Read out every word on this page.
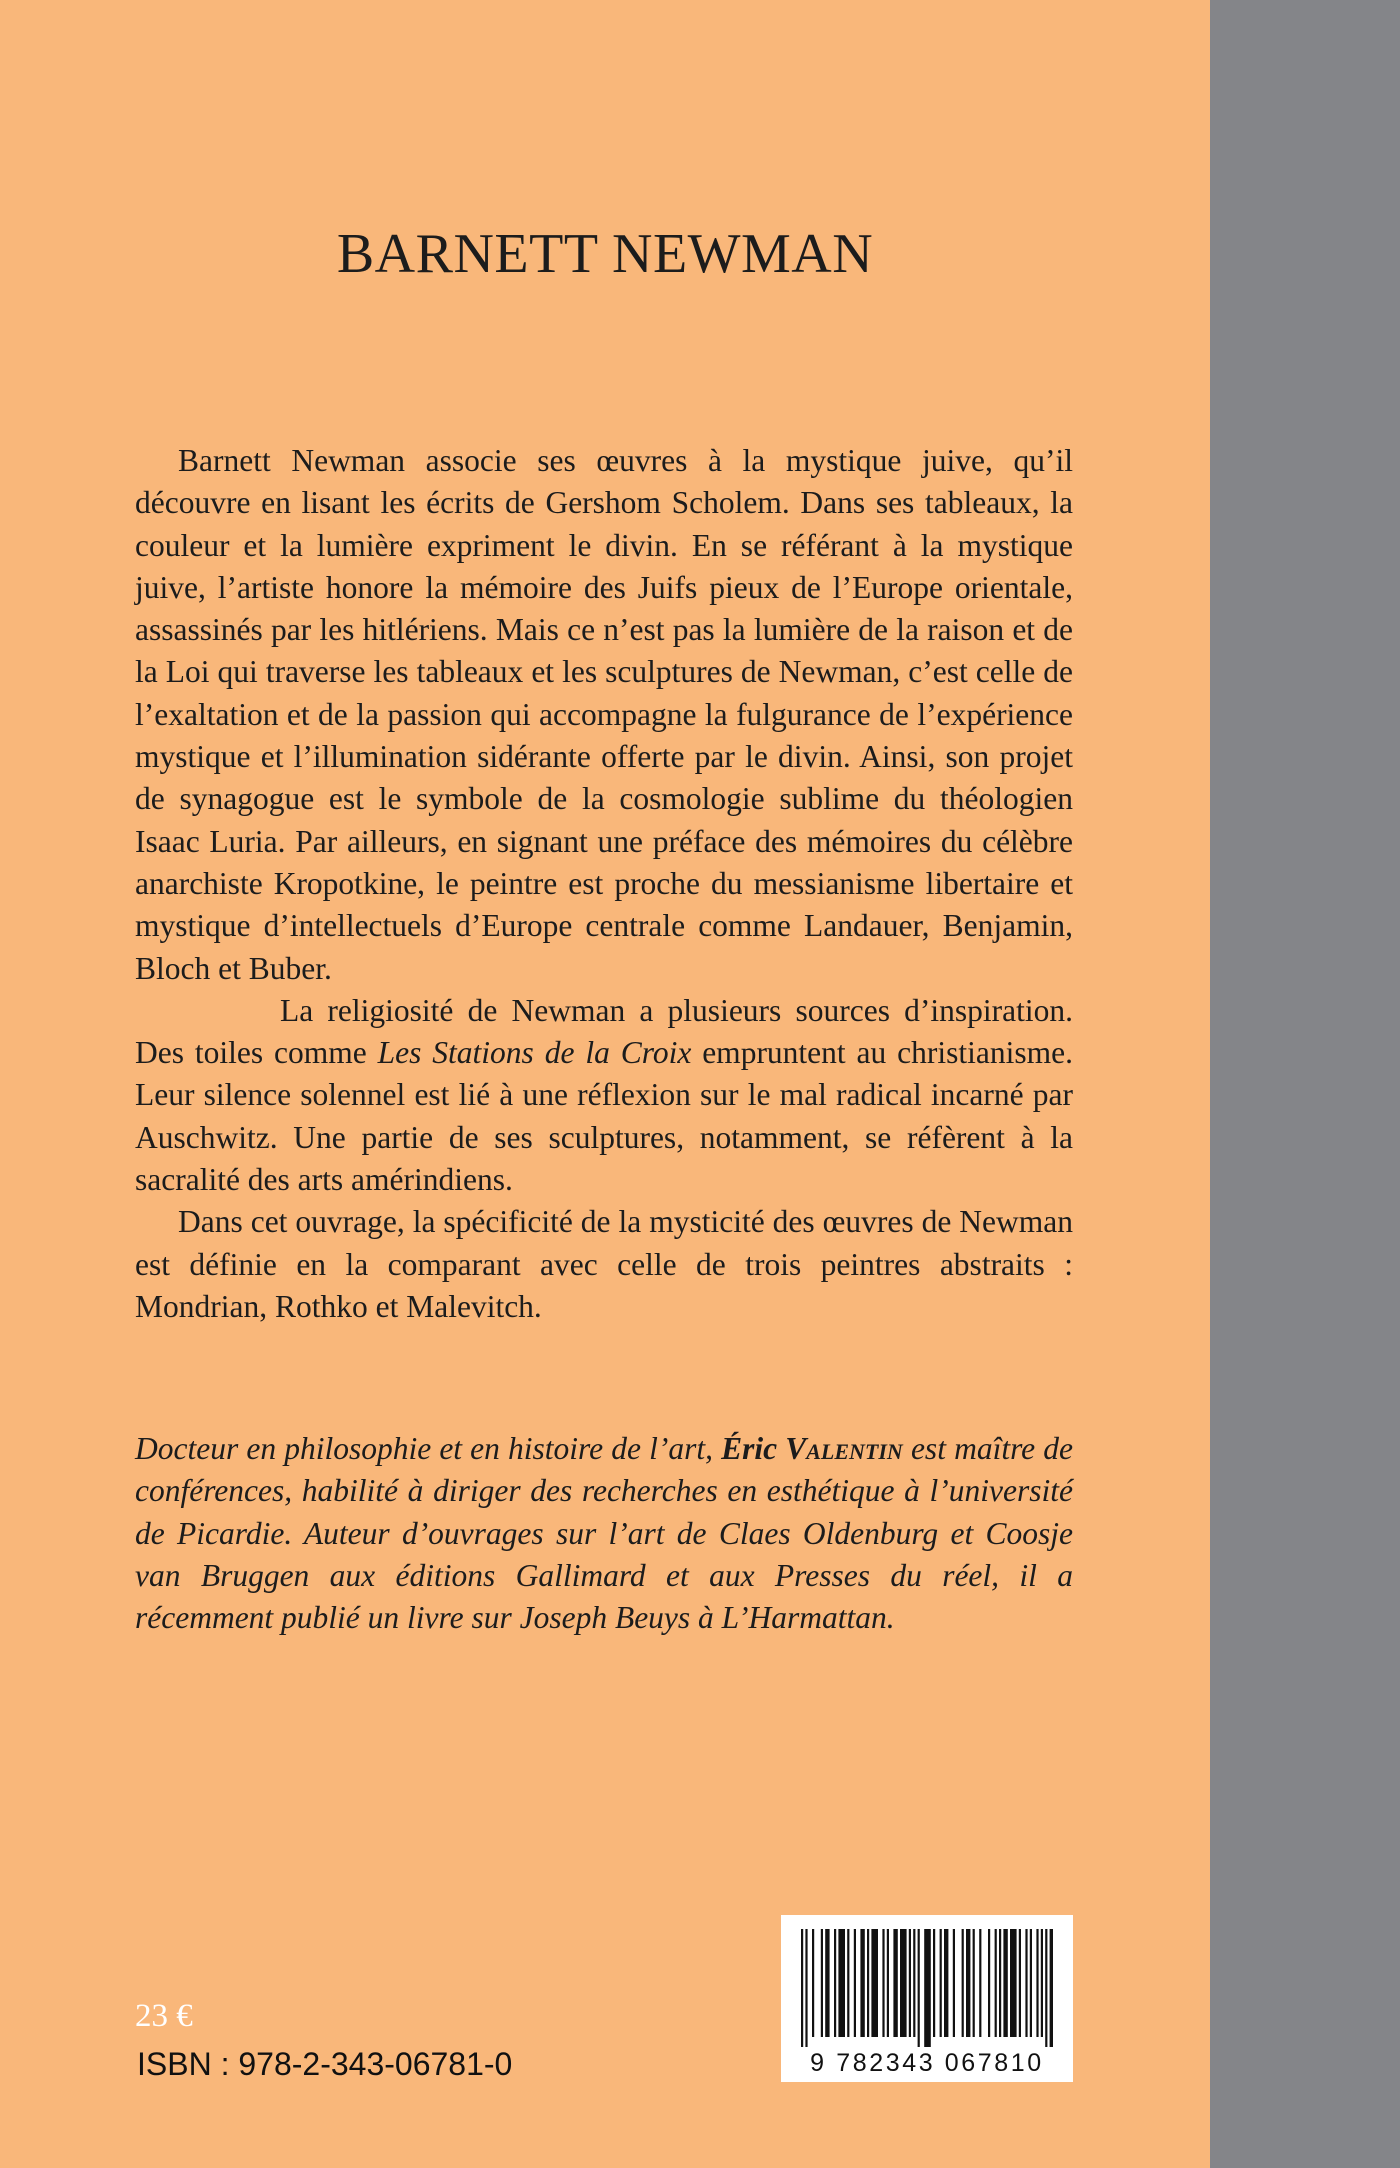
BARNETT NEWMAN

Barnett Newman associe ses œuvres à la mystique juive, qu’il découvre en lisant les écrits de Gershom Scholem. Dans ses tableaux, la couleur et la lumière expriment le divin. En se référant à la mystique juive, l’artiste honore la mémoire des Juifs pieux de l’Europe orientale, assassinés par les hitlériens. Mais ce n’est pas la lumière de la raison et de la Loi qui traverse les tableaux et les sculptures de Newman, c’est celle de l’exaltation et de la passion qui accompagne la fulgurance de l’expérience mystique et l’illumination sidérante offerte par le divin. Ainsi, son projet de synagogue est le symbole de la cosmologie sublime du théologien Isaac Luria. Par ailleurs, en signant une préface des mémoires du célèbre anarchiste Kropotkine, le peintre est proche du messianisme libertaire et mystique d’intellectuels d’Europe centrale comme Landauer, Benjamin, Bloch et Buber.

La religiosité de Newman a plusieurs sources d’inspiration. Des toiles comme Les Stations de la Croix empruntent au christianisme. Leur silence solennel est lié à une réflexion sur le mal radical incarné par Auschwitz. Une partie de ses sculptures, notamment, se réfèrent à la sacralité des arts amérindiens.

Dans cet ouvrage, la spécificité de la mysticité des œuvres de Newman est définie en la comparant avec celle de trois peintres abstraits : Mondrian, Rothko et Malevitch.

Docteur en philosophie et en histoire de l’art, Éric Valentin est maître de conférences, habilité à diriger des recherches en esthétique à l’université de Picardie. Auteur d’ouvrages sur l’art de Claes Oldenburg et Coosje van Bruggen aux éditions Gallimard et aux Presses du réel, il a récemment publié un livre sur Joseph Beuys à L’Harmattan.
23 €
ISBN : 978-2-343-06781-0	9 782343 067810
